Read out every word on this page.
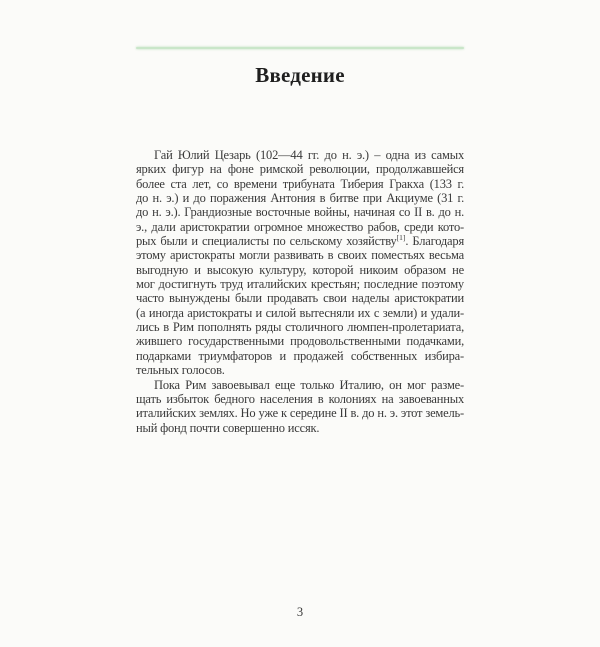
Введение
Гай Юлий Цезарь (102—44 гг. до н. э.) – одна из самых
ярких фигур на фоне римской революции, продолжавшейся
более ста лет, со времени трибуната Тиберия Гракха (133 г.
до н. э.) и до поражения Антония в битве при Акциуме (31 г.
до н. э.). Грандиозные восточные войны, начиная со II в. до н.
э., дали аристократии огромное множество рабов, среди кото-
рых были и специалисты по сельскому хозяйству[1]. Благодаря
этому аристократы могли развивать в своих поместьях весьма
выгодную и высокую культуру, которой никоим образом не
мог достигнуть труд италийских крестьян; последние поэтому
часто вынуждены были продавать свои наделы аристократии
(а иногда аристократы и силой вытесняли их с земли) и удали-
лись в Рим пополнять ряды столичного люмпен-пролетариата,
жившего государственными продовольственными подачками,
подарками триумфаторов и продажей собственных избира-
тельных голосов.
Пока Рим завоевывал еще только Италию, он мог разме-
щать избыток бедного населения в колониях на завоеванных
италийских землях. Но уже к середине II в. до н. э. этот земель-
ный фонд почти совершенно иссяк.
3
